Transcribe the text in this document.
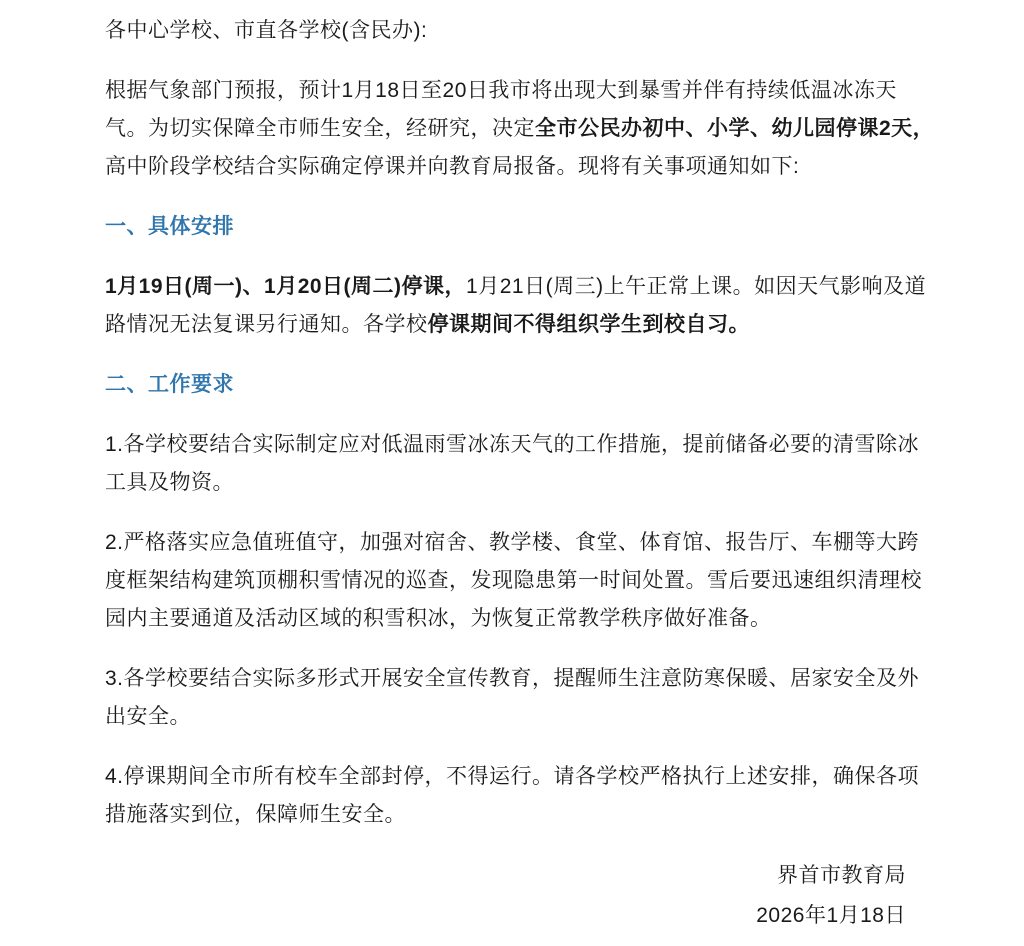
各中心学校、市直各学校(含民办):

根据气象部门预报，预计1月18日至20日我市将出现大到暴雪并伴有持续低温冰冻天气。为切实保障全市师生安全，经研究，决定全市公民办初中、小学、幼儿园停课2天，高中阶段学校结合实际确定停课并向教育局报备。现将有关事项通知如下:

一、具体安排

1月19日(周一)、1月20日(周二)停课，1月21日(周三)上午正常上课。如因天气影响及道路情况无法复课另行通知。各学校停课期间不得组织学生到校自习。

二、工作要求

1.各学校要结合实际制定应对低温雨雪冰冻天气的工作措施，提前储备必要的清雪除冰工具及物资。

2.严格落实应急值班值守，加强对宿舍、教学楼、食堂、体育馆、报告厅、车棚等大跨度框架结构建筑顶棚积雪情况的巡查，发现隐患第一时间处置。雪后要迅速组织清理校园内主要通道及活动区域的积雪积冰，为恢复正常教学秩序做好准备。

3.各学校要结合实际多形式开展安全宣传教育，提醒师生注意防寒保暖、居家安全及外出安全。

4.停课期间全市所有校车全部封停，不得运行。请各学校严格执行上述安排，确保各项措施落实到位，保障师生安全。

界首市教育局

2026年1月18日
